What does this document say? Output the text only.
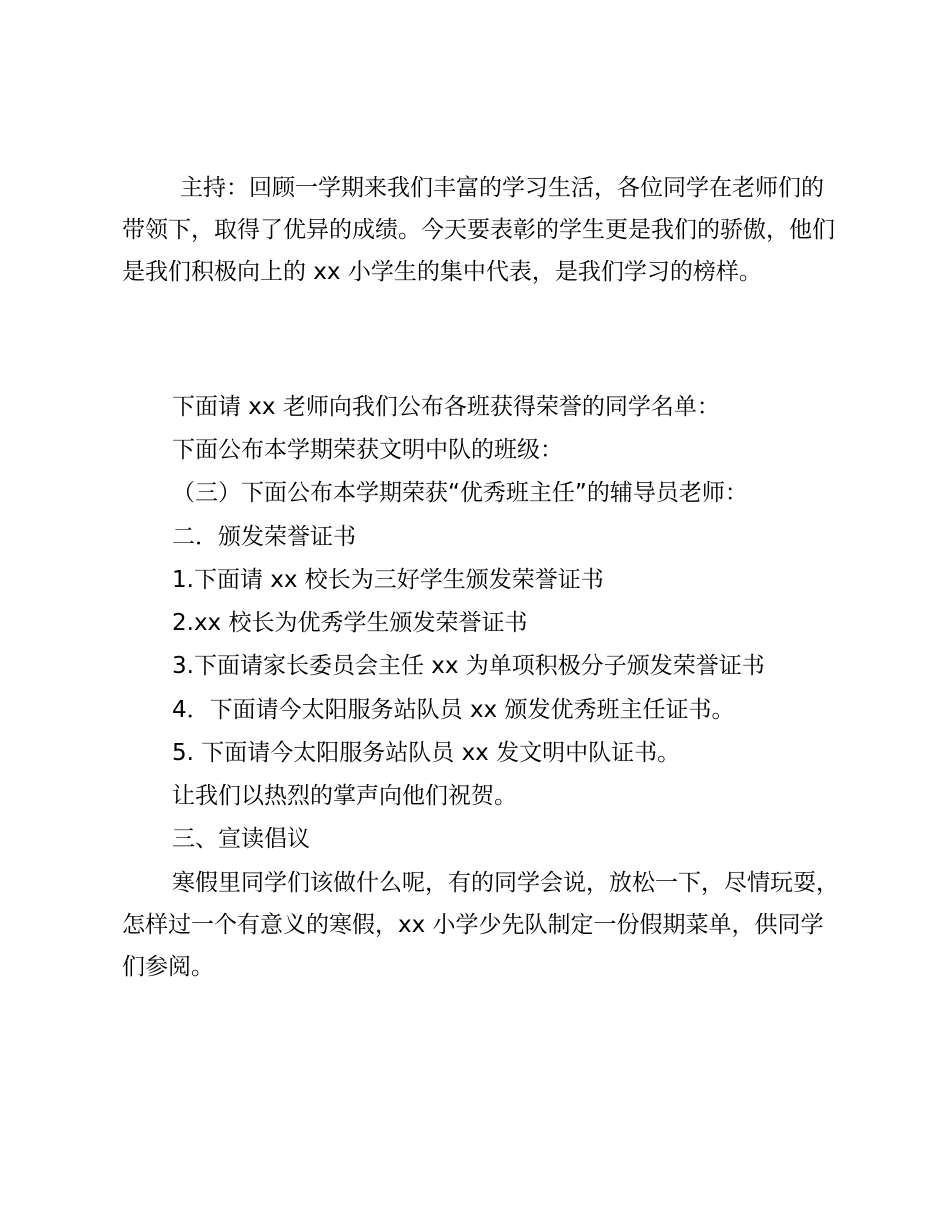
主持：回顾一学期来我们丰富的学习生活，各位同学在老师们的带领下，取得了优异的成绩。今天要表彰的学生更是我们的骄傲，他们是我们积极向上的 xx 小学生的集中代表，是我们学习的榜样。

下面请 xx 老师向我们公布各班获得荣誉的同学名单：

下面公布本学期荣获文明中队的班级：

（三）下面公布本学期荣获“优秀班主任”的辅导员老师：

二．颁发荣誉证书

1.下面请 xx 校长为三好学生颁发荣誉证书

2.xx 校长为优秀学生颁发荣誉证书

3.下面请家长委员会主任 xx 为单项积极分子颁发荣誉证书

4．下面请今太阳服务站队员 xx 颁发优秀班主任证书。

5. 下面请今太阳服务站队员 xx 发文明中队证书。

让我们以热烈的掌声向他们祝贺。

三、宣读倡议

寒假里同学们该做什么呢，有的同学会说，放松一下，尽情玩耍，怎样过一个有意义的寒假，xx 小学少先队制定一份假期菜单，供同学们参阅。
